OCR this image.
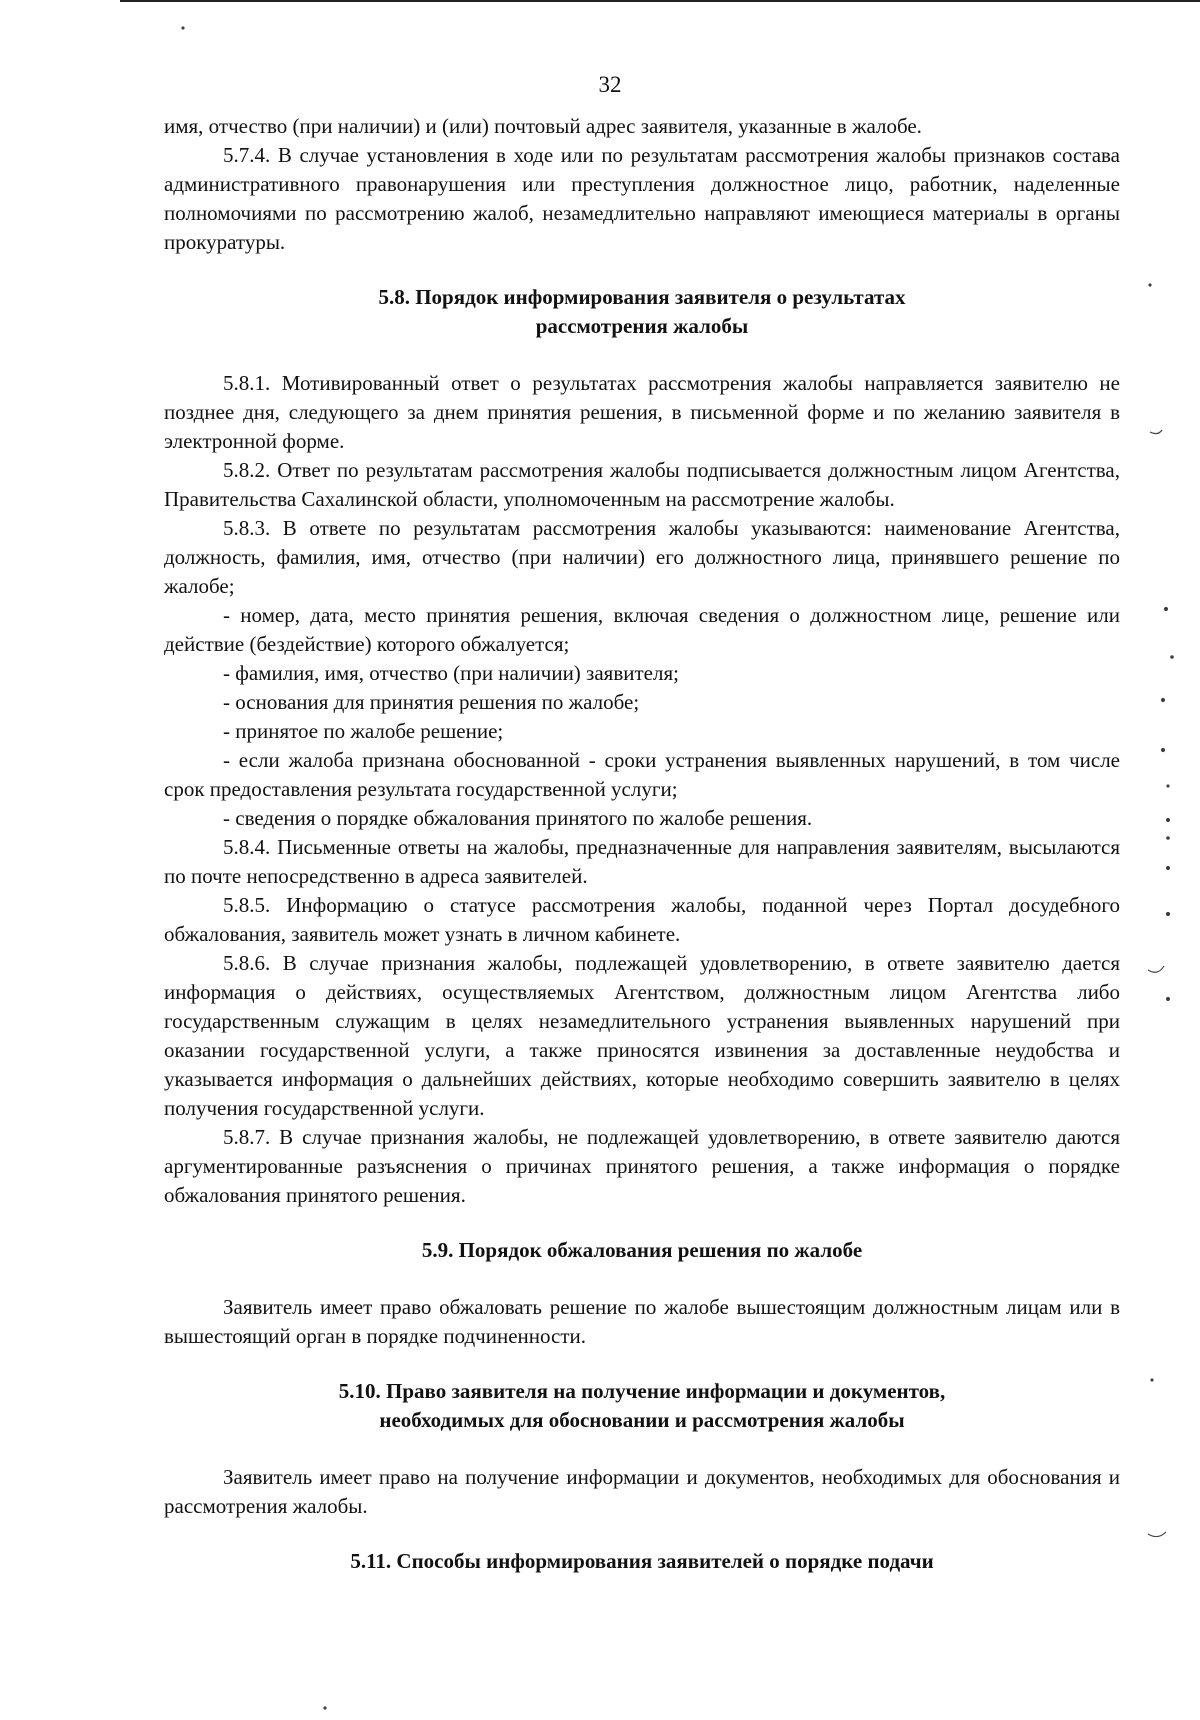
32

имя, отчество (при наличии) и (или) почтовый адрес заявителя, указанные в жалобе.

5.7.4. В случае установления в ходе или по результатам рассмотрения жалобы признаков состава административного правонарушения или преступления должностное лицо, работник, наделенные полномочиями по рассмотрению жалоб, незамедлительно направляют имеющиеся материалы в органы прокуратуры.

5.8. Порядок информирования заявителя о результатах
рассмотрения жалобы

5.8.1. Мотивированный ответ о результатах рассмотрения жалобы направляется заявителю не позднее дня, следующего за днем принятия решения, в письменной форме и по желанию заявителя в электронной форме.

5.8.2. Ответ по результатам рассмотрения жалобы подписывается должностным лицом Агентства, Правительства Сахалинской области, уполномоченным на рассмотрение жалобы.

5.8.3. В ответе по результатам рассмотрения жалобы указываются: наименование Агентства, должность, фамилия, имя, отчество (при наличии) его должностного лица, принявшего решение по жалобе;

- номер, дата, место принятия решения, включая сведения о должностном лице, решение или действие (бездействие) которого обжалуется;

- фамилия, имя, отчество (при наличии) заявителя;

- основания для принятия решения по жалобе;

- принятое по жалобе решение;

- если жалоба признана обоснованной - сроки устранения выявленных нарушений, в том числе срок предоставления результата государственной услуги;

- сведения о порядке обжалования принятого по жалобе решения.

5.8.4. Письменные ответы на жалобы, предназначенные для направления заявителям, высылаются по почте непосредственно в адреса заявителей.

5.8.5. Информацию о статусе рассмотрения жалобы, поданной через Портал досудебного обжалования, заявитель может узнать в личном кабинете.

5.8.6. В случае признания жалобы, подлежащей удовлетворению, в ответе заявителю дается информация о действиях, осуществляемых Агентством, должностным лицом Агентства либо государственным служащим в целях незамедлительного устранения выявленных нарушений при оказании государственной услуги, а также приносятся извинения за доставленные неудобства и указывается информация о дальнейших действиях, которые необходимо совершить заявителю в целях получения государственной услуги.

5.8.7. В случае признания жалобы, не подлежащей удовлетворению, в ответе заявителю даются аргументированные разъяснения о причинах принятого решения, а также информация о порядке обжалования принятого решения.

5.9. Порядок обжалования решения по жалобе

Заявитель имеет право обжаловать решение по жалобе вышестоящим должностным лицам или в вышестоящий орган в порядке подчиненности.

5.10. Право заявителя на получение информации и документов,
необходимых для обосновании и рассмотрения жалобы

Заявитель имеет право на получение информации и документов, необходимых для обоснования и рассмотрения жалобы.

5.11. Способы информирования заявителей о порядке подачи
